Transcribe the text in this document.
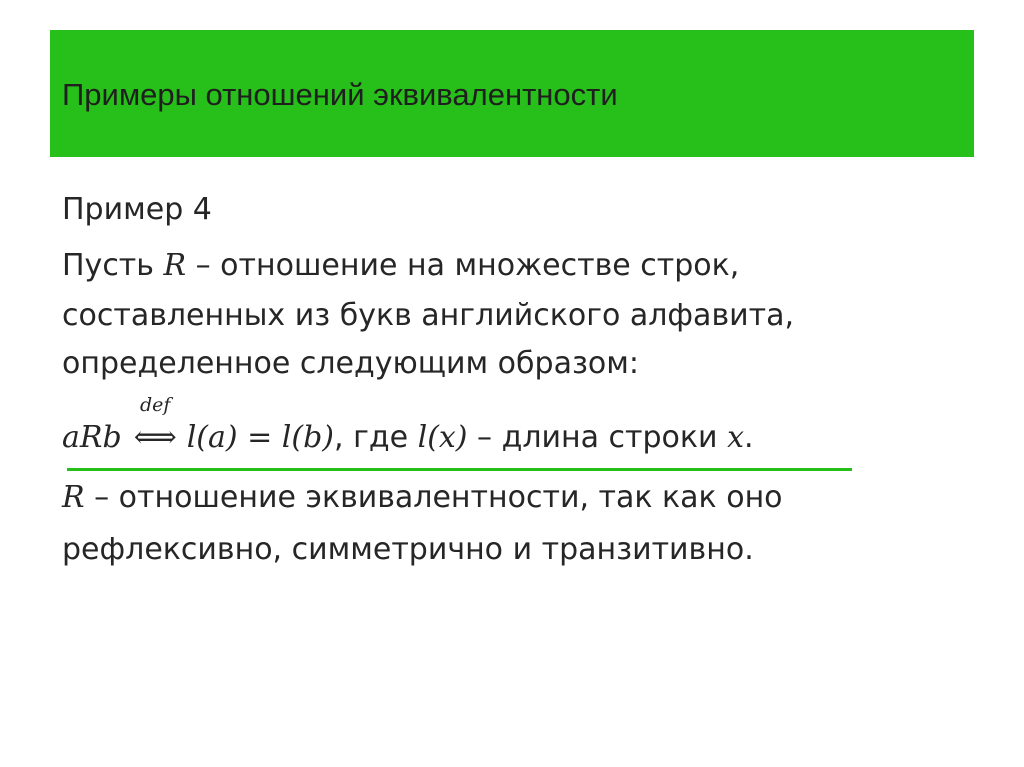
Примеры отношений эквивалентности
Пример 4
Пусть R – отношение на множестве строк,
составленных из букв английского алфавита,
определенное следующим образом:
aRb
def
⟺ l(a) = l(b) , где l(x) – длина строки x .
R – отношение эквивалентности, так как оно
рефлексивно, симметрично и транзитивно.
